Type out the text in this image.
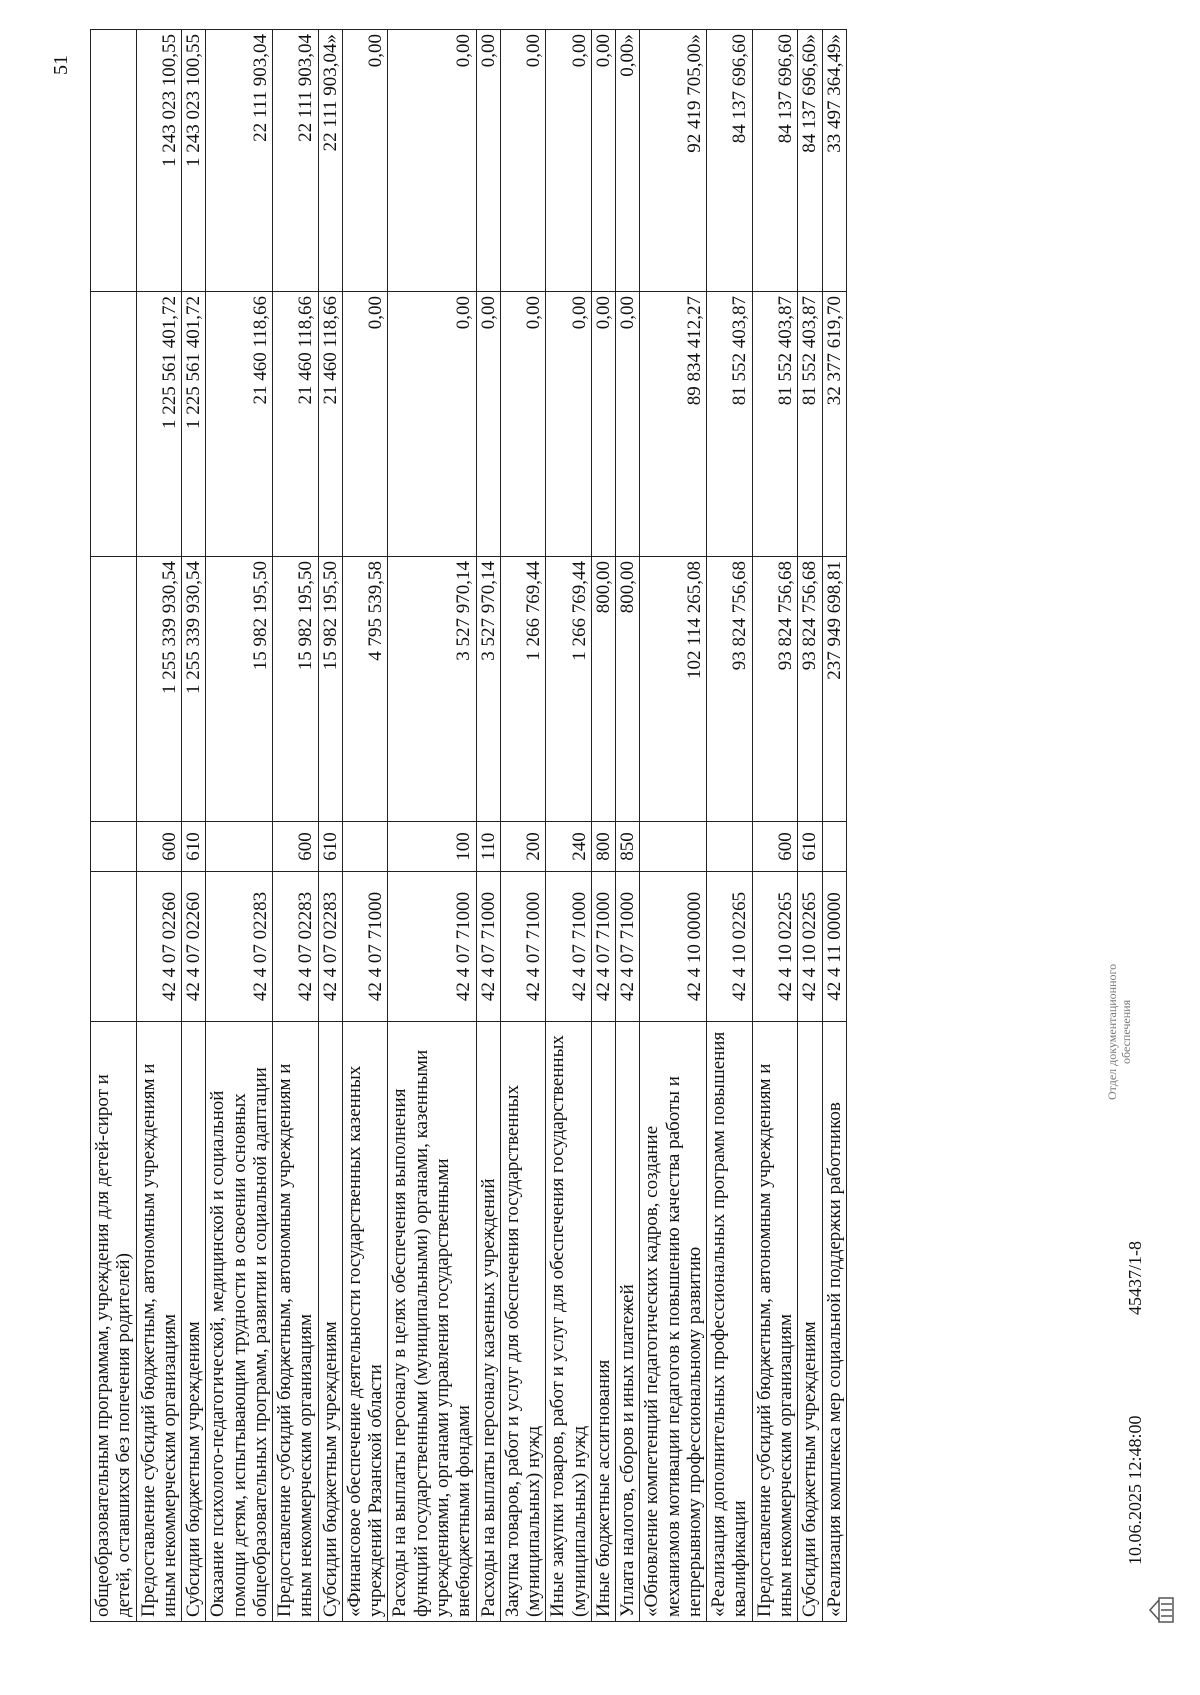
51
общеобразовательным программам, учреждения для детей-сирот и детей, оставшихся без попечения родителей)					
Предоставление субсидий бюджетным, автономным учреждениям и иным некоммерческим организациям	42 4 07 02260	600	1 255 339 930,54	1 225 561 401,72	1 243 023 100,55
Субсидии бюджетным учреждениям	42 4 07 02260	610	1 255 339 930,54	1 225 561 401,72	1 243 023 100,55
Оказание психолого-педагогической, медицинской и социальной помощи детям, испытывающим трудности в освоении основных общеобразовательных программ, развитии и социальной адаптации	42 4 07 02283		15 982 195,50	21 460 118,66	22 111 903,04
Предоставление субсидий бюджетным, автономным учреждениям и иным некоммерческим организациям	42 4 07 02283	600	15 982 195,50	21 460 118,66	22 111 903,04
Субсидии бюджетным учреждениям	42 4 07 02283	610	15 982 195,50	21 460 118,66	22 111 903,04»
«Финансовое обеспечение деятельности государственных казенных учреждений Рязанской области	42 4 07 71000		4 795 539,58	0,00	0,00
Расходы на выплаты персоналу в целях обеспечения выполнения функций государственными (муниципальными) органами, казенными учреждениями, органами управления государственными внебюджетными фондами	42 4 07 71000	100	3 527 970,14	0,00	0,00
Расходы на выплаты персоналу казенных учреждений	42 4 07 71000	110	3 527 970,14	0,00	0,00
Закупка товаров, работ и услуг для обеспечения государственных (муниципальных) нужд	42 4 07 71000	200	1 266 769,44	0,00	0,00
Иные закупки товаров, работ и услуг для обеспечения государственных (муниципальных) нужд	42 4 07 71000	240	1 266 769,44	0,00	0,00
Иные бюджетные ассигнования	42 4 07 71000	800	800,00	0,00	0,00
Уплата налогов, сборов и иных платежей	42 4 07 71000	850	800,00	0,00	0,00»
«Обновление компетенций педагогических кадров, создание механизмов мотивации педагогов к повышению качества работы и непрерывному профессиональному развитию	42 4 10 00000		102 114 265,08	89 834 412,27	92 419 705,00»
«Реализация дополнительных профессиональных программ повышения квалификации	42 4 10 02265		93 824 756,68	81 552 403,87	84 137 696,60
Предоставление субсидий бюджетным, автономным учреждениям и иным некоммерческим организациям	42 4 10 02265	600	93 824 756,68	81 552 403,87	84 137 696,60
Субсидии бюджетным учреждениям	42 4 10 02265	610	93 824 756,68	81 552 403,87	84 137 696,60»
«Реализация комплекса мер социальной поддержки работников	42 4 11 00000		237 949 698,81	32 377 619,70	33 497 364,49»
10.06.2025 12:48:00
45437/1-8
Отдел документационного обеспечения
